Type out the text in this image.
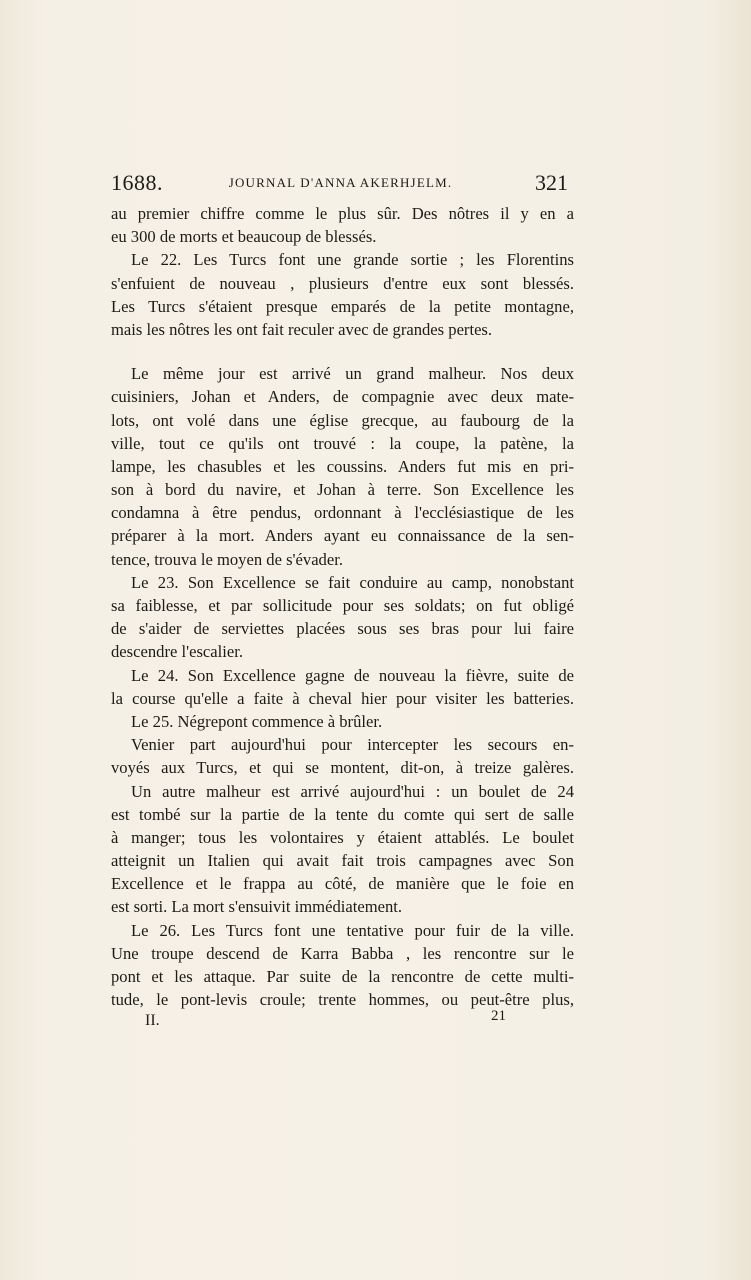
1688.	JOURNAL D'ANNA AKERHJELM.	321
au premier chiffre comme le plus sûr. Des nôtres il y en a
eu 300 de morts et beaucoup de blessés.
Le 22. Les Turcs font une grande sortie ; les Florentins
s'enfuient de nouveau , plusieurs d'entre eux sont blessés.
Les Turcs s'étaient presque emparés de la petite montagne,
mais les nôtres les ont fait reculer avec de grandes pertes.
Le même jour est arrivé un grand malheur. Nos deux
cuisiniers, Johan et Anders, de compagnie avec deux mate-
lots, ont volé dans une église grecque, au faubourg de la
ville, tout ce qu'ils ont trouvé : la coupe, la patène, la
lampe, les chasubles et les coussins. Anders fut mis en pri-
son à bord du navire, et Johan à terre. Son Excellence les
condamna à être pendus, ordonnant à l'ecclésiastique de les
préparer à la mort. Anders ayant eu connaissance de la sen-
tence, trouva le moyen de s'évader.
Le 23. Son Excellence se fait conduire au camp, nonobstant
sa faiblesse, et par sollicitude pour ses soldats; on fut obligé
de s'aider de serviettes placées sous ses bras pour lui faire
descendre l'escalier.
Le 24. Son Excellence gagne de nouveau la fièvre, suite de
la course qu'elle a faite à cheval hier pour visiter les batteries.
Le 25. Négrepont commence à brûler.
Venier part aujourd'hui pour intercepter les secours en-
voyés aux Turcs, et qui se montent, dit-on, à treize galères.
Un autre malheur est arrivé aujourd'hui : un boulet de 24
est tombé sur la partie de la tente du comte qui sert de salle
à manger; tous les volontaires y étaient attablés. Le boulet
atteignit un Italien qui avait fait trois campagnes avec Son
Excellence et le frappa au côté, de manière que le foie en
est sorti. La mort s'ensuivit immédiatement.
Le 26. Les Turcs font une tentative pour fuir de la ville.
Une troupe descend de Karra Babba , les rencontre sur le
pont et les attaque. Par suite de la rencontre de cette multi-
tude, le pont-levis croule; trente hommes, ou peut-être plus,
II.	21
